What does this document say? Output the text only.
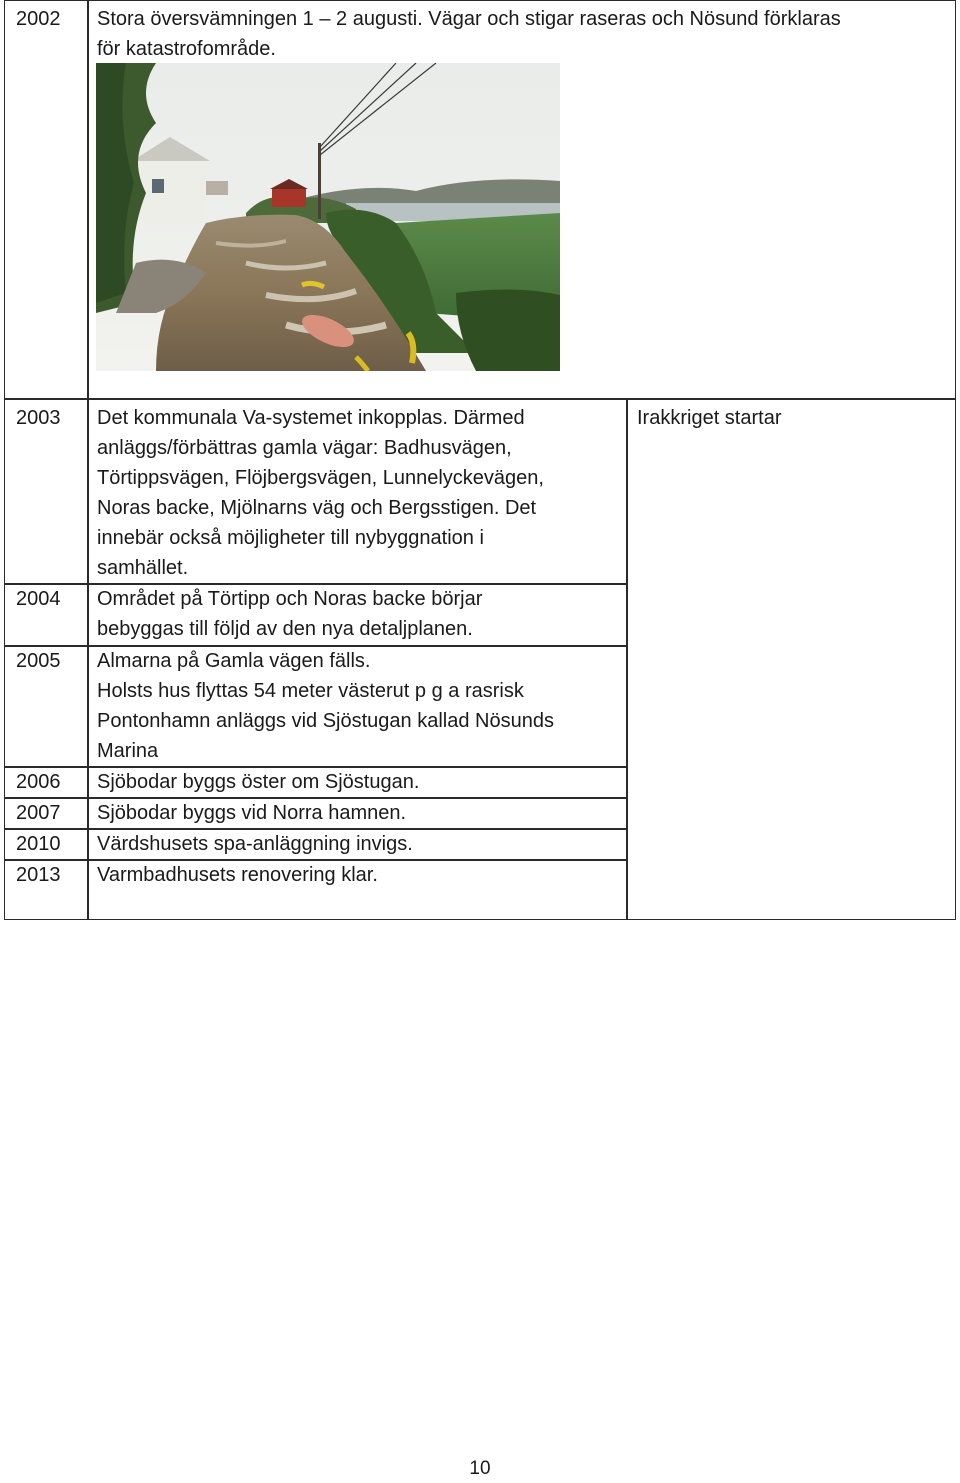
2002 Stora översvämningen 1 – 2 augusti. Vägar och stigar raseras och Nösund förklaras
för katastrofområde.
2003 Det kommunala Va-systemet inkopplas. Därmed
anläggs/förbättras gamla vägar: Badhusvägen,
Törtippsvägen, Flöjbergsvägen, Lunnelyckevägen,
Noras backe, Mjölnarns väg och Bergsstigen. Det
innebär också möjligheter till nybyggnation i
samhället.
Irakkriget startar
2004 Området på Törtipp och Noras backe börjar
bebyggas till följd av den nya detaljplanen.
2005 Almarna på Gamla vägen fälls.
Holsts hus flyttas 54 meter västerut p g a rasrisk
Pontonhamn anläggs vid Sjöstugan kallad Nösunds
Marina
2006 Sjöbodar byggs öster om Sjöstugan.
2007 Sjöbodar byggs vid Norra hamnen.
2010 Värdshusets spa-anläggning invigs.
2013 Varmbadhusets renovering klar.
10
